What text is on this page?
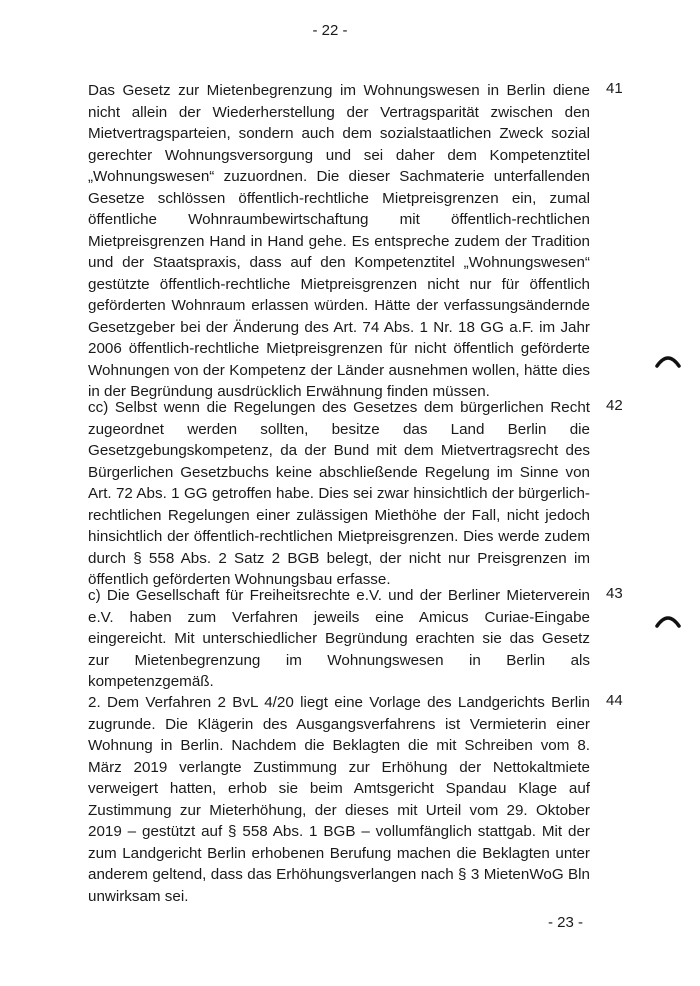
- 22 -
Das Gesetz zur Mietenbegrenzung im Wohnungswesen in Berlin diene nicht allein der Wiederherstellung der Vertragsparität zwischen den Mietvertragsparteien, sondern auch dem sozialstaatlichen Zweck sozial gerechter Wohnungsversorgung und sei daher dem Kompetenztitel „Wohnungswesen“ zuzuordnen. Die dieser Sachmaterie unterfallenden Gesetze schlössen öffentlich-rechtliche Mietpreisgrenzen ein, zumal öffentliche Wohnraumbewirtschaftung mit öffentlich-rechtlichen Mietpreisgrenzen Hand in Hand gehe. Es entspreche zudem der Tradition und der Staatspraxis, dass auf den Kompetenztitel „Wohnungswesen“ gestützte öffentlich-rechtliche Mietpreisgrenzen nicht nur für öffentlich geförderten Wohnraum erlassen würden. Hätte der verfassungsändernde Gesetzgeber bei der Änderung des Art. 74 Abs. 1 Nr. 18 GG a.F. im Jahr 2006 öffentlich-rechtliche Mietpreisgrenzen für nicht öffentlich geförderte Wohnungen von der Kompetenz der Länder ausnehmen wollen, hätte dies in der Begründung ausdrücklich Erwähnung finden müssen.
41
cc) Selbst wenn die Regelungen des Gesetzes dem bürgerlichen Recht zugeordnet werden sollten, besitze das Land Berlin die Gesetzgebungskompetenz, da der Bund mit dem Mietvertragsrecht des Bürgerlichen Gesetzbuchs keine abschließende Regelung im Sinne von Art. 72 Abs. 1 GG getroffen habe. Dies sei zwar hinsichtlich der bürgerlich-rechtlichen Regelungen einer zulässigen Miethöhe der Fall, nicht jedoch hinsichtlich der öffentlich-rechtlichen Mietpreisgrenzen. Dies werde zudem durch § 558 Abs. 2 Satz 2 BGB belegt, der nicht nur Preisgrenzen im öffentlich geförderten Wohnungsbau erfasse.
42
c) Die Gesellschaft für Freiheitsrechte e.V. und der Berliner Mieterverein e.V. haben zum Verfahren jeweils eine Amicus Curiae-Eingabe eingereicht. Mit unterschiedlicher Begründung erachten sie das Gesetz zur Mietenbegrenzung im Wohnungswesen in Berlin als kompetenzgemäß.
43
2. Dem Verfahren 2 BvL 4/20 liegt eine Vorlage des Landgerichts Berlin zugrunde. Die Klägerin des Ausgangsverfahrens ist Vermieterin einer Wohnung in Berlin. Nachdem die Beklagten die mit Schreiben vom 8. März 2019 verlangte Zustimmung zur Erhöhung der Nettokaltmiete verweigert hatten, erhob sie beim Amtsgericht Spandau Klage auf Zustimmung zur Mieterhöhung, der dieses mit Urteil vom 29. Oktober 2019 – gestützt auf § 558 Abs. 1 BGB – vollumfänglich stattgab. Mit der zum Landgericht Berlin erhobenen Berufung machen die Beklagten unter anderem geltend, dass das Erhöhungsverlangen nach § 3 MietenWoG Bln unwirksam sei.
44
- 23 -
